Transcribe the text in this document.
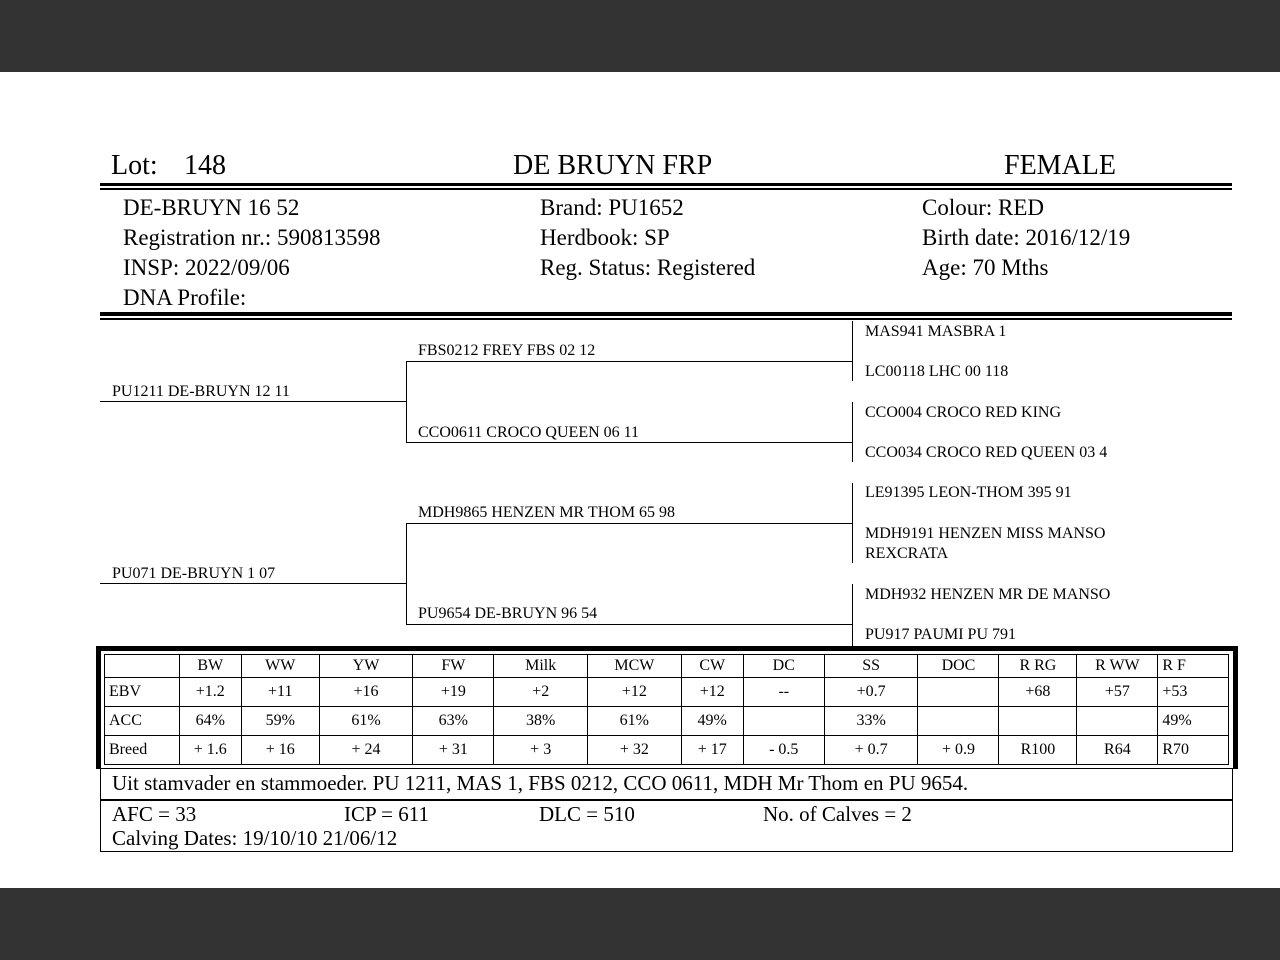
Lot: 148	DE BRUYN FRP	FEMALE
DE-BRUYN 16 52
Registration nr.: 590813598
INSP: 2022/09/06
DNA Profile:
Brand: PU1652
Herdbook: SP
Reg. Status: Registered
Colour: RED
Birth date: 2016/12/19
Age: 70 Mths
PU1211 DE-BRUYN 12 11
PU071 DE-BRUYN 1 07
FBS0212 FREY FBS 02 12
CCO0611 CROCO QUEEN 06 11
MDH9865 HENZEN MR THOM 65 98
PU9654 DE-BRUYN 96 54
MAS941 MASBRA 1
LC00118 LHC 00 118
CCO004 CROCO RED KING
CCO034 CROCO RED QUEEN 03 4
LE91395 LEON-THOM 395 91
MDH9191 HENZEN MISS MANSO
REXCRATA
MDH932 HENZEN MR DE MANSO
PU917 PAUMI PU 791
	BW	WW	YW	FW	Milk	MCW	CW	DC	SS	DOC	R RG	R WW	R F
EBV	+1.2	+11	+16	+19	+2	+12	+12	--	+0.7		+68	+57	+53
ACC	64%	59%	61%	63%	38%	61%	49%		33%				49%
Breed	+ 1.6	+ 16	+ 24	+ 31	+ 3	+ 32	+ 17	- 0.5	+ 0.7	+ 0.9	R100	R64	R70
Uit stamvader en stammoeder. PU 1211, MAS 1, FBS 0212, CCO 0611, MDH Mr Thom en PU 9654.
AFC = 33	ICP = 611	DLC = 510	No. of Calves = 2
Calving Dates: 19/10/10 21/06/12
